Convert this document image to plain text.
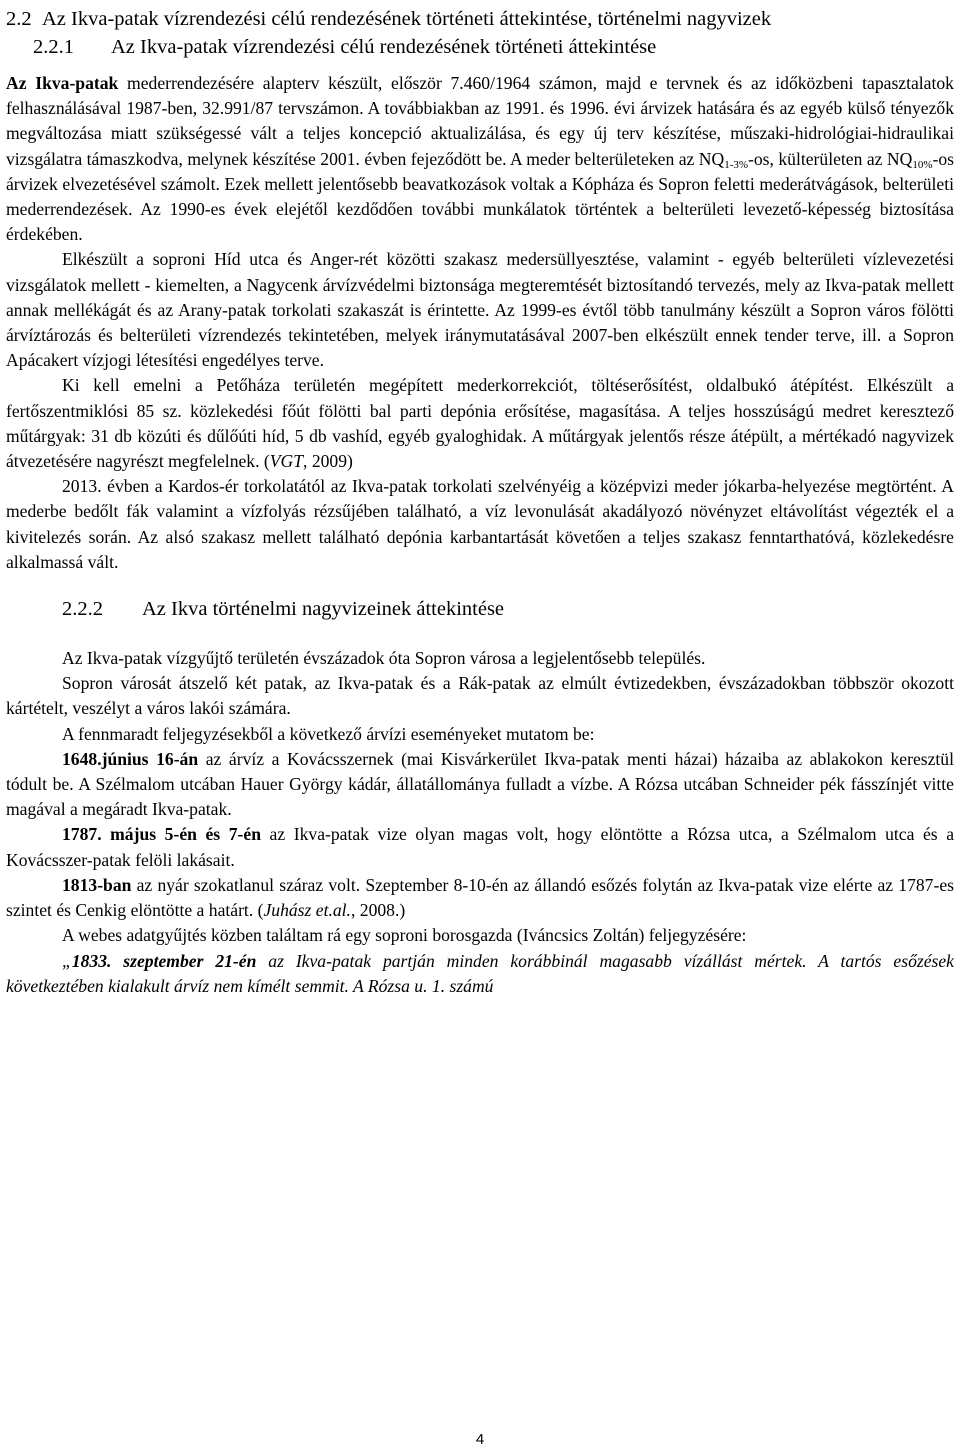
2.2 Az Ikva-patak vízrendezési célú rendezésének történeti áttekintése, történelmi nagyvizek
2.2.1 Az Ikva-patak vízrendezési célú rendezésének történeti áttekintése

Az Ikva-patak mederrendezésére alapterv készült, először 7.460/1964 számon, majd e tervnek és az időközbeni tapasztalatok felhasználásával 1987-ben, 32.991/87 tervszámon. A továbbiakban az 1991. és 1996. évi árvizek hatására és az egyéb külső tényezők megváltozása miatt szükségessé vált a teljes koncepció aktualizálása, és egy új terv készítése, műszaki-hidrológiai-hidraulikai vizsgálatra támaszkodva, melynek készítése 2001. évben fejeződött be. A meder belterületeken az $NQ_{1-3\%}-os$, külterületen az $NQ_{10\%}-os$ árvizek elvezetésével számolt. Ezek mellett jelentősebb beavatkozások voltak a Kópháza és Sopron feletti mederátvágások, belterületi mederrendezések. Az 1990-es évek elejétől kezdődően további munkálatok történtek a belterületi levezető-képesség biztosítása érdekében.

Elkészült a soproni Híd utca és Anger-rét közötti szakasz medersüllyesztése, valamint - egyéb belterületi vízlevezetési vizsgálatok mellett - kiemelten, a Nagycenk árvízvédelmi biztonsága megteremtését biztosítandó tervezés, mely az Ikva-patak mellett annak mellékágát és az Arany-patak torkolati szakaszát is érintette. Az 1999-es évtől több tanulmány készült a Sopron város fölötti árvíztározás és belterületi vízrendezés tekintetében, melyek iránymutatásával 2007-ben elkészült ennek tender terve, ill. a Sopron Apácakert vízjogi létesítési engedélyes terve.

Ki kell emelni a Petőháza területén megépített mederkorrekciót, töltéserősítést, oldalbukó átépítést. Elkészült a fertőszentmiklósi 85 sz. közlekedési főút fölötti bal parti depónia erősítése, magasítása. A teljes hosszúságú medret keresztező műtárgyak: 31 db közúti és dűlőúti híd, 5 db vashíd, egyéb gyaloghidak. A műtárgyak jelentős része átépült, a mértékadó nagyvizek átvezetésére nagyrészt megfelelnek. (VGT, 2009)

2013. évben a Kardos-ér torkolatától az Ikva-patak torkolati szelvényéig a középvizi meder jókarba-helyezése megtörtént. A mederbe bedőlt fák valamint a vízfolyás rézsűjében található, a víz levonulását akadályozó növényzet eltávolítást végezték el a kivitelezés során. Az alsó szakasz mellett található depónia karbantartását követően a teljes szakasz fenntarthatóvá, közlekedésre alkalmassá vált.

2.2.2 Az Ikva történelmi nagyvizeinek áttekintése

Az Ikva-patak vízgyűjtő területén évszázadok óta Sopron városa a legjelentősebb település.

Sopron városát átszelő két patak, az Ikva-patak és a Rák-patak az elmúlt évtizedekben, évszázadokban többször okozott kártételt, veszélyt a város lakói számára.

A fennmaradt feljegyzésekből a következő árvízi eseményeket mutatom be:

1648.június 16-án az árvíz a Kovácsszernek (mai Kisvárkerület Ikva-patak menti házai) házaiba az ablakokon keresztül tódult be. A Szélmalom utcában Hauer György kádár, állatállománya fulladt a vízbe. A Rózsa utcában Schneider pék fásszínjét vitte magával a megáradt Ikva-patak.

1787. május 5-én és 7-én az Ikva-patak vize olyan magas volt, hogy elöntötte a Rózsa utca, a Szélmalom utca és a Kovácsszer-patak felöli lakásait.

1813-ban az nyár szokatlanul száraz volt. Szeptember 8-10-én az állandó esőzés folytán az Ikva-patak vize elérte az 1787-es szintet és Cenkig elöntötte a határt. (Juhász et.al., 2008.)

A webes adatgyűjtés közben találtam rá egy soproni borosgazda (Iváncsics Zoltán) feljegyzésére:

„1833. szeptember 21-én az Ikva-patak partján minden korábbinál magasabb vízállást mértek. A tartós esőzések következtében kialakult árvíz nem kímélt semmit. A Rózsa u. 1. számú

4
